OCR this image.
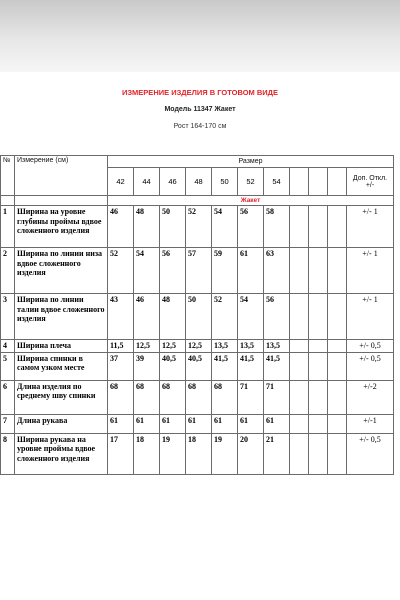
ИЗМЕРЕНИЕ ИЗДЕЛИЯ В ГОТОВОМ ВИДЕ
Модель 11347 Жакет
Рост 164-170 см
№	Измерение (см)	Размер										
		42	44	46	48	50	52	54				Доп. Откл. +/-
		Жакет										
1	Ширина на уровне глубины проймы вдвое сложенного изделия	46	48	50	52	54	56	58				+/- 1
2	Ширина по линии низа вдвое сложенного изделия	52	54	56	57	59	61	63				+/- 1
3	Ширина по линии талии вдвое сложенного изделия	43	46	48	50	52	54	56				+/- 1
4	Ширина плеча	11,5	12,5	12,5	12,5	13,5	13,5	13,5				+/- 0,5
5	Ширина спинки в самом узком месте	37	39	40,5	40,5	41,5	41,5	41,5				+/- 0,5
6	Длина изделия по среднему шву спинки	68	68	68	68	68	71	71				+/-2
7	Длина рукава	61	61	61	61	61	61	61				+/-1
8	Ширина рукава на уровне проймы вдвое сложенного изделия	17	18	19	18	19	20	21				+/- 0,5
